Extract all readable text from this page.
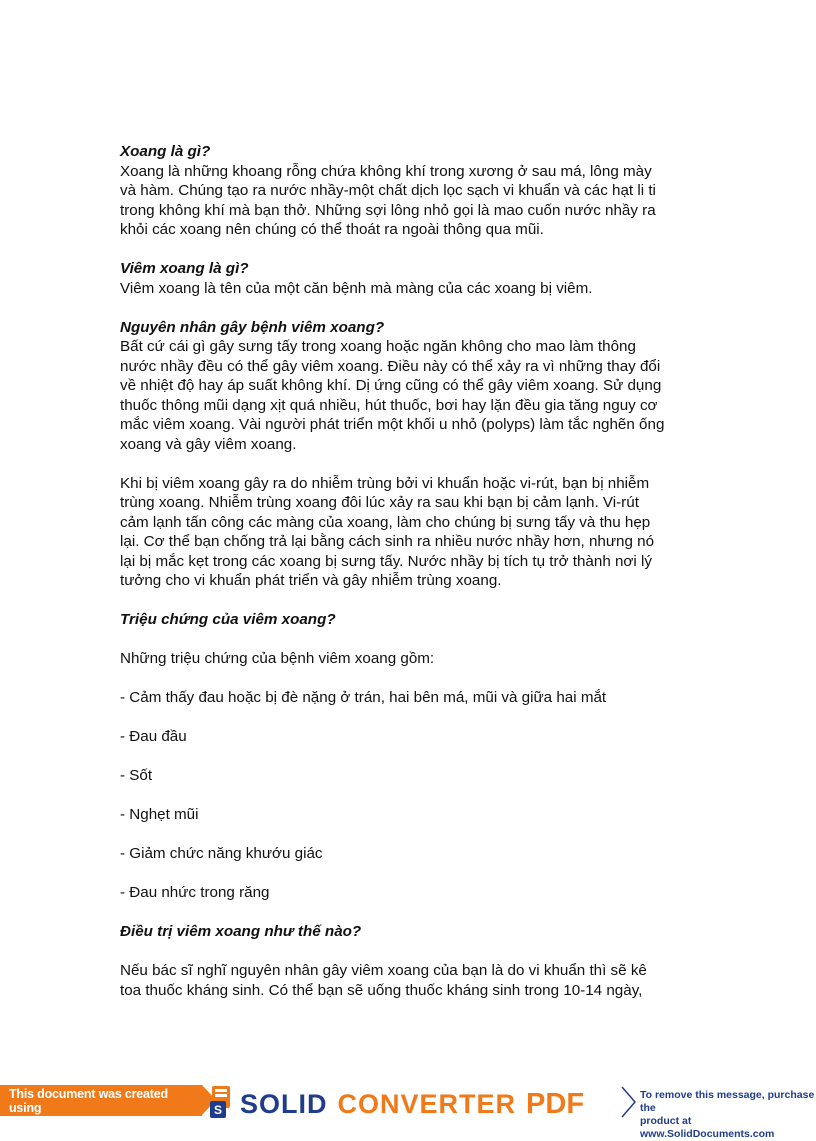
Xoang là gì?
Xoang là những khoang rỗng chứa không khí trong xương ở sau má, lông mày
và hàm. Chúng tạo ra nước nhầy-một chất dịch lọc sạch vi khuẩn và các hạt li ti
trong không khí mà bạn thở. Những sợi lông nhỏ gọi là mao cuốn nước nhầy ra
khỏi các xoang nên chúng có thể thoát ra ngoài thông qua mũi.
Viêm xoang là gì?
Viêm xoang là tên của một căn bệnh mà màng của các xoang bị viêm.
Nguyên nhân gây bệnh viêm xoang?
Bất cứ cái gì gây sưng tấy trong xoang hoặc ngăn không cho mao làm thông
nước nhầy đều có thể gây viêm xoang. Điều này có thể xảy ra vì những thay đổi
về nhiệt độ hay áp suất không khí. Dị ứng cũng có thể gây viêm xoang. Sử dụng
thuốc thông mũi dạng xịt quá nhiều, hút thuốc, bơi hay lặn đều gia tăng nguy cơ
mắc viêm xoang. Vài người phát triển một khối u nhỏ (polyps) làm tắc nghẽn ống
xoang và gây viêm xoang.
Khi bị viêm xoang gây ra do nhiễm trùng bởi vi khuẩn hoặc vi-rút, bạn bị nhiễm
trùng xoang. Nhiễm trùng xoang đôi lúc xảy ra sau khi bạn bị cảm lạnh. Vi-rút
cảm lạnh tấn công các màng của xoang, làm cho chúng bị sưng tấy và thu hẹp
lại. Cơ thể bạn chống trả lại bằng cách sinh ra nhiều nước nhầy hơn, nhưng nó
lại bị mắc kẹt trong các xoang bị sưng tấy. Nước nhầy bị tích tụ trở thành nơi lý
tưởng cho vi khuẩn phát triển và gây nhiễm trùng xoang.
Triệu chứng của viêm xoang?
Những triệu chứng của bệnh viêm xoang gồm:
- Cảm thấy đau hoặc bị đè nặng ở trán, hai bên má, mũi và giữa hai mắt
- Đau đầu
- Sốt
- Nghẹt mũi
- Giảm chức năng khướu giác
- Đau nhức trong răng
Điều trị viêm xoang như thế nào?
Nếu bác sĩ nghĩ nguyên nhân gây viêm xoang của bạn là do vi khuẩn thì sẽ kê
toa thuốc kháng sinh. Có thể bạn sẽ uống thuốc kháng sinh trong 10-14 ngày,
This document was created using	S SOLID CONVERTER PDF	To remove this message, purchase the
product at www.SolidDocuments.com
